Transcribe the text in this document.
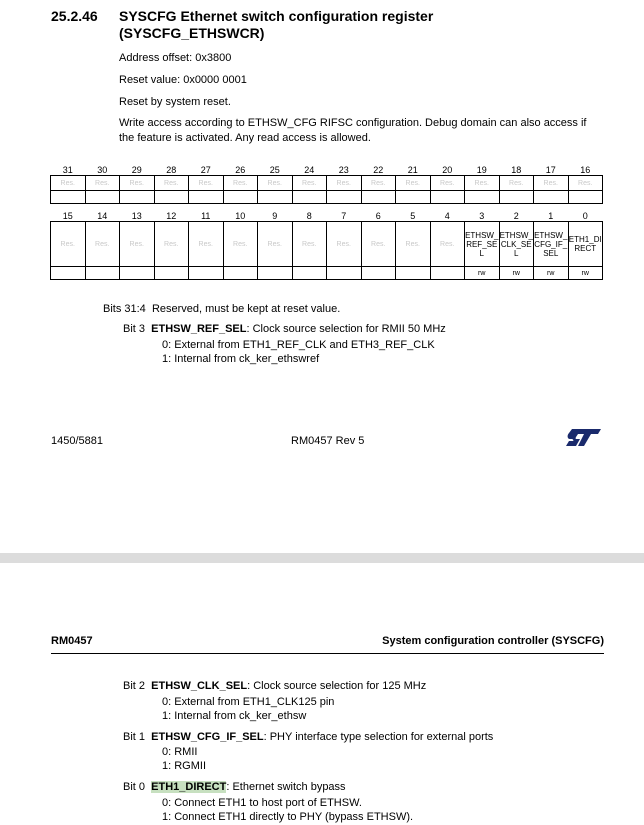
25.2.46 SYSCFG Ethernet switch configuration register (SYSCFG_ETHSWCR)
Address offset: 0x3800
Reset value: 0x0000 0001
Reset by system reset.
Write access according to ETHSW_CFG RIFSC configuration. Debug domain can also access if the feature is activated. Any read access is allowed.
31	30	29	28	27	26	25	24	23	22	21	20	19	18	17	16
Res.	Res.	Res.	Res.	Res.	Res.	Res.	Res.	Res.	Res.	Res.	Res.	Res.	Res.	Res.	Res.

15	14	13	12	11	10	9	8	7	6	5	4	3	2	1	0
Res.	Res.	Res.	Res.	Res.	Res.	Res.	Res.	Res.	Res.	Res.	Res.	ETHSW_REF_SEL	ETHSW_CLK_SEL	ETHSW_CFG_IF_SEL	ETH1_DIRECT
												rw	rw	rw	rw
Bits 31:4 Reserved, must be kept at reset value.
Bit 3 ETHSW_REF_SEL: Clock source selection for RMII 50 MHz
0: External from ETH1_REF_CLK and ETH3_REF_CLK
1: Internal from ck_ker_ethswref
1450/5881	RM0457 Rev 5
RM0457	System configuration controller (SYSCFG)
Bit 2 ETHSW_CLK_SEL: Clock source selection for 125 MHz
0: External from ETH1_CLK125 pin
1: Internal from ck_ker_ethsw
Bit 1 ETHSW_CFG_IF_SEL: PHY interface type selection for external ports
0: RMII
1: RGMII
Bit 0 ETH1_DIRECT: Ethernet switch bypass
0: Connect ETH1 to host port of ETHSW.
1: Connect ETH1 directly to PHY (bypass ETHSW).
